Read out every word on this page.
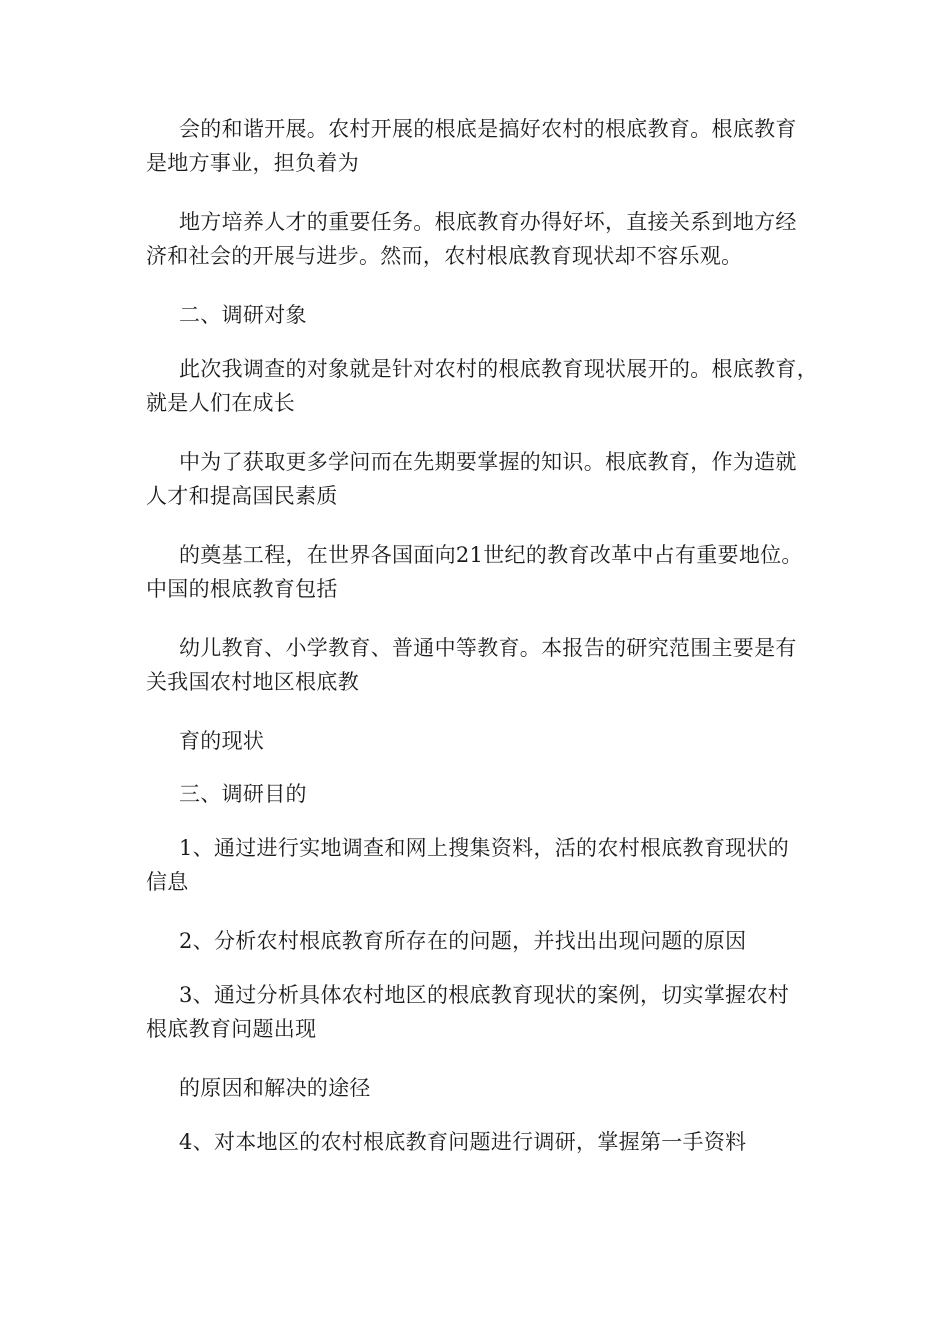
会的和谐开展。农村开展的根底是搞好农村的根底教育。根底教育
是地方事业，担负着为

地方培养人才的重要任务。根底教育办得好坏，直接关系到地方经
济和社会的开展与进步。然而，农村根底教育现状却不容乐观。

二、调研对象

此次我调查的对象就是针对农村的根底教育现状展开的。根底教育，
就是人们在成长

中为了获取更多学问而在先期要掌握的知识。根底教育，作为造就
人才和提高国民素质

的奠基工程，在世界各国面向21世纪的教育改革中占有重要地位。
中国的根底教育包括

幼儿教育、小学教育、普通中等教育。本报告的研究范围主要是有
关我国农村地区根底教

育的现状

三、调研目的

1、通过进行实地调查和网上搜集资料，活的农村根底教育现状的
信息

2、分析农村根底教育所存在的问题，并找出出现问题的原因

3、通过分析具体农村地区的根底教育现状的案例，切实掌握农村
根底教育问题出现

的原因和解决的途径

4、对本地区的农村根底教育问题进行调研，掌握第一手资料
